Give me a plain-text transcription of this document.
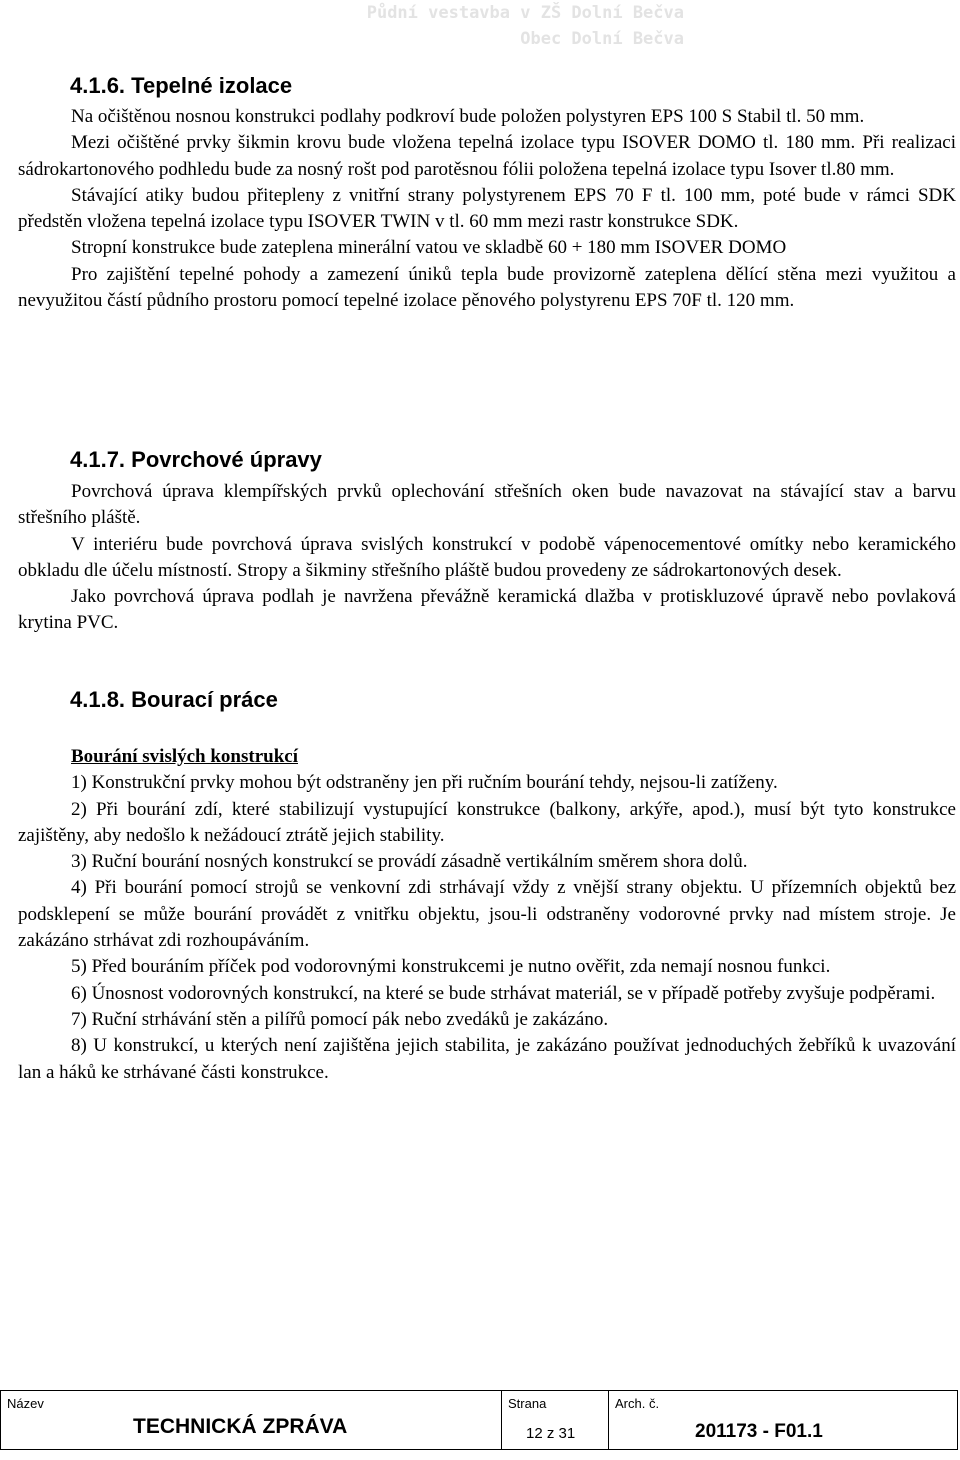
Půdní vestavba v ZŠ Dolní Bečva
Obec Dolní Bečva
4.1.6. Tepelné izolace

Na očištěnou nosnou konstrukci podlahy podkroví bude položen polystyren EPS 100 S Stabil tl. 50 mm.

Mezi očištěné prvky šikmin krovu bude vložena tepelná izolace typu ISOVER DOMO tl. 180 mm. Při realizaci sádrokartonového podhledu bude za nosný rošt pod parotěsnou fólii položena tepelná izolace typu Isover tl.80 mm.

Stávající atiky budou přitepleny z vnitřní strany polystyrenem EPS 70 F tl. 100 mm, poté bude v rámci SDK předstěn vložena tepelná izolace typu ISOVER TWIN v tl. 60 mm mezi rastr konstrukce SDK.

Stropní konstrukce bude zateplena minerální vatou ve skladbě 60 + 180 mm ISOVER DOMO

Pro zajištění tepelné pohody a zamezení úniků tepla bude provizorně zateplena dělící stěna mezi využitou a nevyužitou částí půdního prostoru pomocí tepelné izolace pěnového polystyrenu EPS 70F tl. 120 mm.

4.1.7. Povrchové úpravy

Povrchová úprava klempířských prvků oplechování střešních oken bude navazovat na stávající stav a barvu střešního pláště.

V interiéru bude povrchová úprava svislých konstrukcí v podobě vápenocementové omítky nebo keramického obkladu dle účelu místností. Stropy a šikminy střešního pláště budou provedeny ze sádrokartonových desek.

Jako povrchová úprava podlah je navržena převážně keramická dlažba v protiskluzové úpravě nebo povlaková krytina PVC.

4.1.8. Bourací práce

Bourání svislých konstrukcí

1) Konstrukční prvky mohou být odstraněny jen při ručním bourání tehdy, nejsou-li zatíženy.

2) Při bourání zdí, které stabilizují vystupující konstrukce (balkony, arkýře, apod.), musí být tyto konstrukce zajištěny, aby nedošlo k nežádoucí ztrátě jejich stability.

3) Ruční bourání nosných konstrukcí se provádí zásadně vertikálním směrem shora dolů.

4) Při bourání pomocí strojů se venkovní zdi strhávají vždy z vnější strany objektu. U přízemních objektů bez podsklepení se může bourání provádět z vnitřku objektu, jsou-li odstraněny vodorovné prvky nad místem stroje. Je zakázáno strhávat zdi rozhoupáváním.

5) Před bouráním příček pod vodorovnými konstrukcemi je nutno ověřit, zda nemají nosnou funkci.

6) Únosnost vodorovných konstrukcí, na které se bude strhávat materiál, se v případě potřeby zvyšuje podpěrami.

7) Ruční strhávání stěn a pilířů pomocí pák nebo zvedáků je zakázáno.

8) U konstrukcí, u kterých není zajištěna jejich stabilita, je zakázáno používat jednoduchých žebříků k uvazování lan a háků ke strhávané části konstrukce.

Název
TECHNICKÁ ZPRÁVA

Strana
12 z 31

Arch. č.
201173 - F01.1
